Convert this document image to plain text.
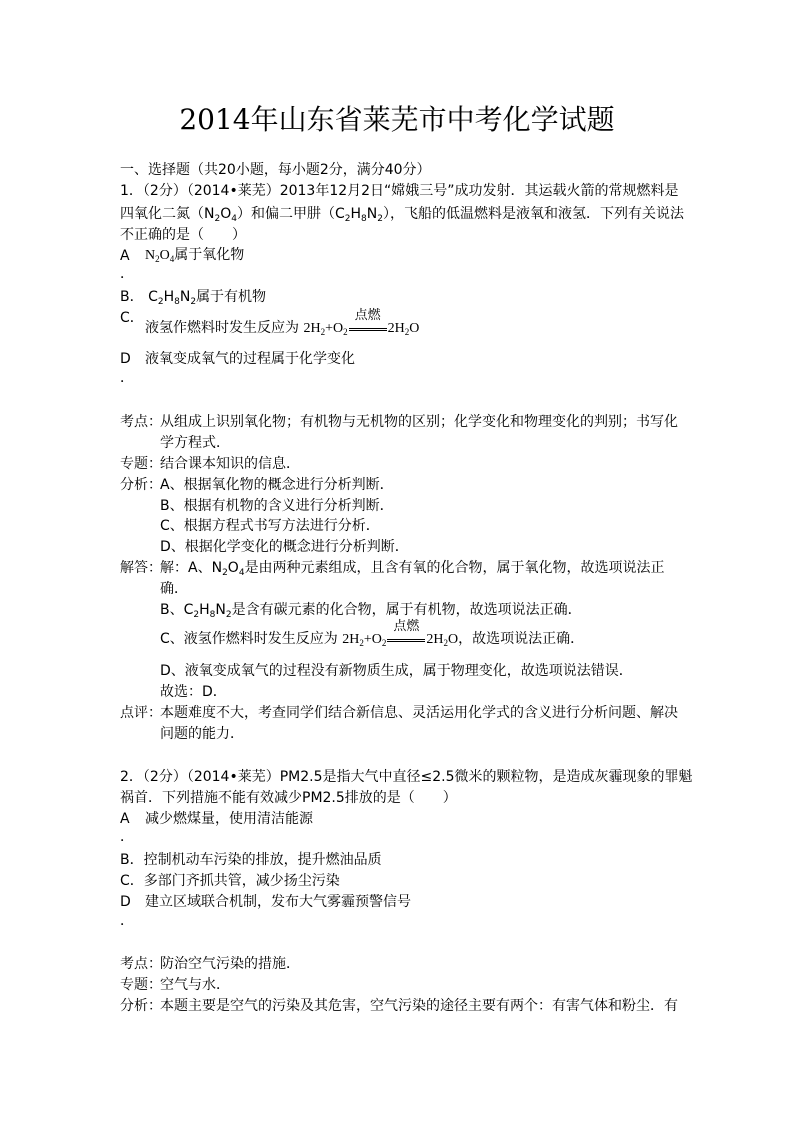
2014年山东省莱芜市中考化学试题
一、选择题（共20小题，每小题2分，满分40分）
1．（2分）（2014•莱芜）2013年12月2日“嫦娥三号”成功发射．其运载火箭的常规燃料是
四氧化二氮$(N_2O_4)$和偏二甲肼$(C_2H_8N_2)$，飞船的低温燃料是液氧和液氢．下列有关说法
不正确的是（　　）
A $N_2O_4$属于氧化物
．
B． $C_2H_8N_2$属于有机物
C．
液氢作燃料时发生反应为 $2H_2+O_2$
点燃
$2H_2O$
D 液氧变成氧气的过程属于化学变化
．
考点：
从组成上识别氧化物；有机物与无机物的区别；化学变化和物理变化的判别；书写化
学方程式．
专题：
结合课本知识的信息．
分析：
A、根据氧化物的概念进行分析判断．
B、根据有机物的含义进行分析判断．
C、根据方程式书写方法进行分析．
D、根据化学变化的概念进行分析判断．
解答：
解：A、$N_2O_4$是由两种元素组成，且含有氧的化合物，属于氧化物，故选项说法正
确．
B、$C_2H_8N_2$是含有碳元素的化合物，属于有机物，故选项说法正确．
C、液氢作燃料时发生反应为 $2H_2+O_2$
点燃
$2H_2O$，故选项说法正确．
D、液氧变成氧气的过程没有新物质生成，属于物理变化，故选项说法错误．
故选：D．
点评：
本题难度不大，考查同学们结合新信息、灵活运用化学式的含义进行分析问题、解决
问题的能力．
2．（2分）（2014•莱芜）PM2.5是指大气中直径≤2.5微米的颗粒物，是造成灰霾现象的罪魁
祸首．下列措施不能有效减少PM2.5排放的是（　　）
A 减少燃煤量，使用清洁能源
．
B．控制机动车污染的排放，提升燃油品质
C．多部门齐抓共管，减少扬尘污染
D 建立区域联合机制，发布大气雾霾预警信号
．
考点：
防治空气污染的措施．
专题：
空气与水．
分析：
本题主要是空气的污染及其危害，空气污染的途径主要有两个：有害气体和粉尘．有
